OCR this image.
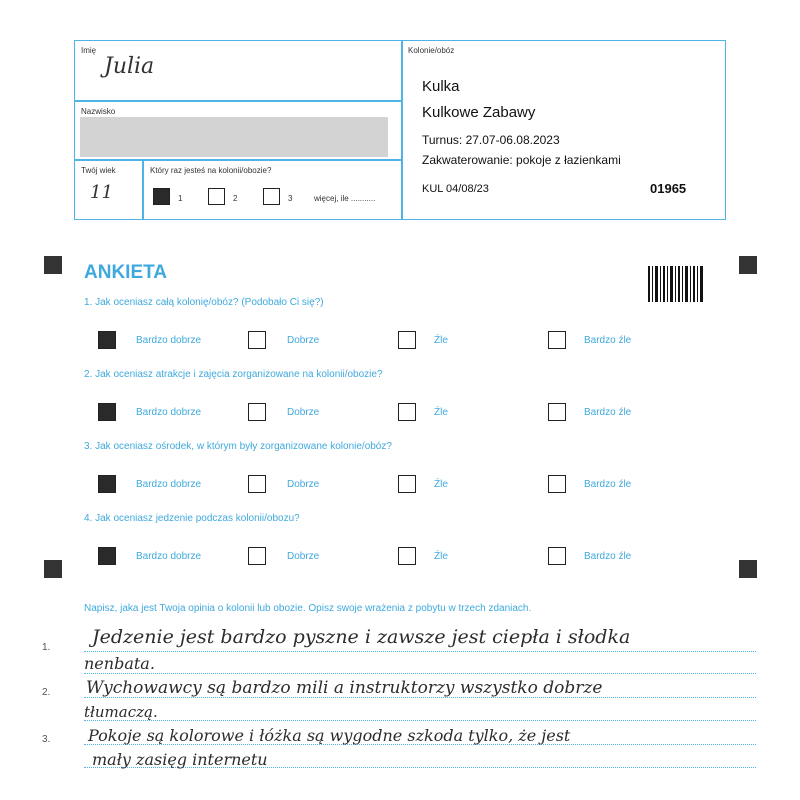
Imię
Julia
Nazwisko
Twój wiek
11
Który raz jesteś na kolonii/obozie?
1	2	3	więcej, ile ...........
Kolonie/obóz
Kulka
Kulkowe Zabawy
Turnus: 27.07-06.08.2023
Zakwaterowanie: pokoje z łazienkami
KUL 04/08/23	01965
ANKIETA
1. Jak oceniasz całą kolonię/obóz? (Podobało Ci się?)
Bardzo dobrze	Dobrze	Źle	Bardzo źle
2. Jak oceniasz atrakcje i zajęcia zorganizowane na kolonii/obozie?
Bardzo dobrze	Dobrze	Źle	Bardzo źle
3. Jak oceniasz ośrodek, w którym były zorganizowane kolonie/obóz?
Bardzo dobrze	Dobrze	Źle	Bardzo źle
4. Jak oceniasz jedzenie podczas kolonii/obozu?
Bardzo dobrze	Dobrze	Źle	Bardzo źle
Napisz, jaka jest Twoja opinia o kolonii lub obozie. Opisz swoje wrażenia z pobytu w trzech zdaniach.
1.
2.
3.
Jedzenie jest bardzo pyszne i zawsze jest ciepła i słodka
nenbata.
Wychowawcy są bardzo mili a instruktorzy wszystko dobrze
tłumaczą.
Pokoje są kolorowe i łóżka są wygodne szkoda tylko, że jest
mały zasięg internetu
